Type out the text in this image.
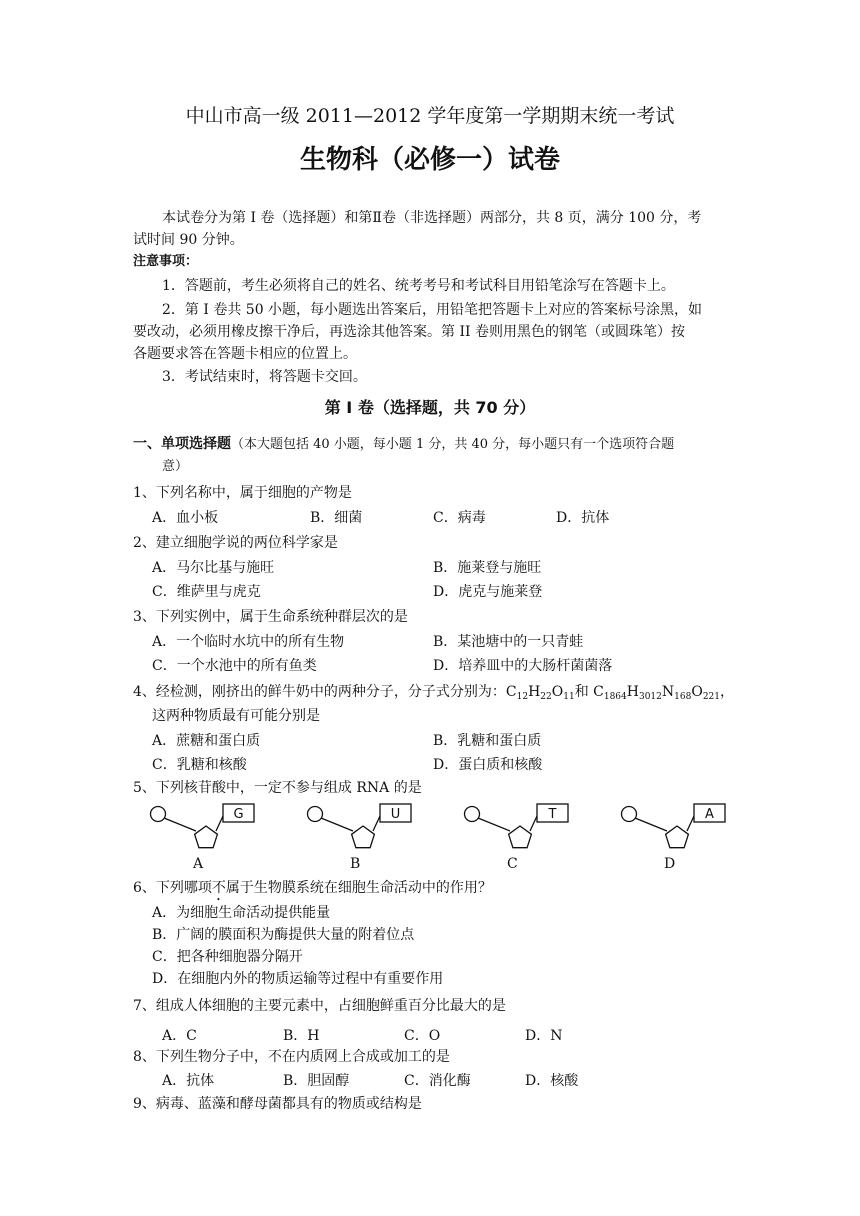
中山市高一级 2011—2012 学年度第一学期期末统一考试
生物科（必修一）试卷
本试卷分为第 I 卷（选择题）和第Ⅱ卷（非选择题）两部分，共 8 页，满分 100 分，考
试时间 90 分钟。
注意事项：
1．答题前，考生必须将自己的姓名、统考考号和考试科目用铅笔涂写在答题卡上。
2．第 I 卷共 50 小题，每小题选出答案后，用铅笔把答题卡上对应的答案标号涂黑，如
要改动，必须用橡皮擦干净后，再选涂其他答案。第 II 卷则用黑色的钢笔（或圆珠笔）按
各题要求答在答题卡相应的位置上。
3．考试结束时，将答题卡交回。
第 I 卷（选择题，共 70 分）
一、单项选择题（本大题包括 40 小题，每小题 1 分，共 40 分，每小题只有一个选项符合题
意）
1、下列名称中，属于细胞的产物是
A．血小板	B．细菌	C．病毒	D．抗体
2、建立细胞学说的两位科学家是
A．马尔比基与施旺	B．施莱登与施旺
C．维萨里与虎克	D．虎克与施莱登
3、下列实例中，属于生命系统种群层次的是
A．一个临时水坑中的所有生物	B．某池塘中的一只青蛙
C．一个水池中的所有鱼类	D．培养皿中的大肠杆菌菌落
4、经检测，刚挤出的鲜牛奶中的两种分子，分子式分别为：$C_{12}H_{22}O_{11}$和 $C_{1864}H_{3012}N_{168}O_{221}$，
这两种物质最有可能分别是
A．蔗糖和蛋白质	B．乳糖和蛋白质
C．乳糖和核酸	D．蛋白质和核酸
5、下列核苷酸中，一定不参与组成 RNA 的是
G	U	T	A
A	B	C	D
6、下列哪项不属于生物膜系统在细胞生命活动中的作用？
A．为细胞生命活动提供能量
B．广阔的膜面积为酶提供大量的附着位点
C．把各种细胞器分隔开
D．在细胞内外的物质运输等过程中有重要作用
7、组成人体细胞的主要元素中，占细胞鲜重百分比最大的是
A．C	B．H	C．O	D．N
8、下列生物分子中，不在内质网上合成或加工的是
A．抗体	B．胆固醇	C．消化酶	D．核酸
9、病毒、蓝藻和酵母菌都具有的物质或结构是
